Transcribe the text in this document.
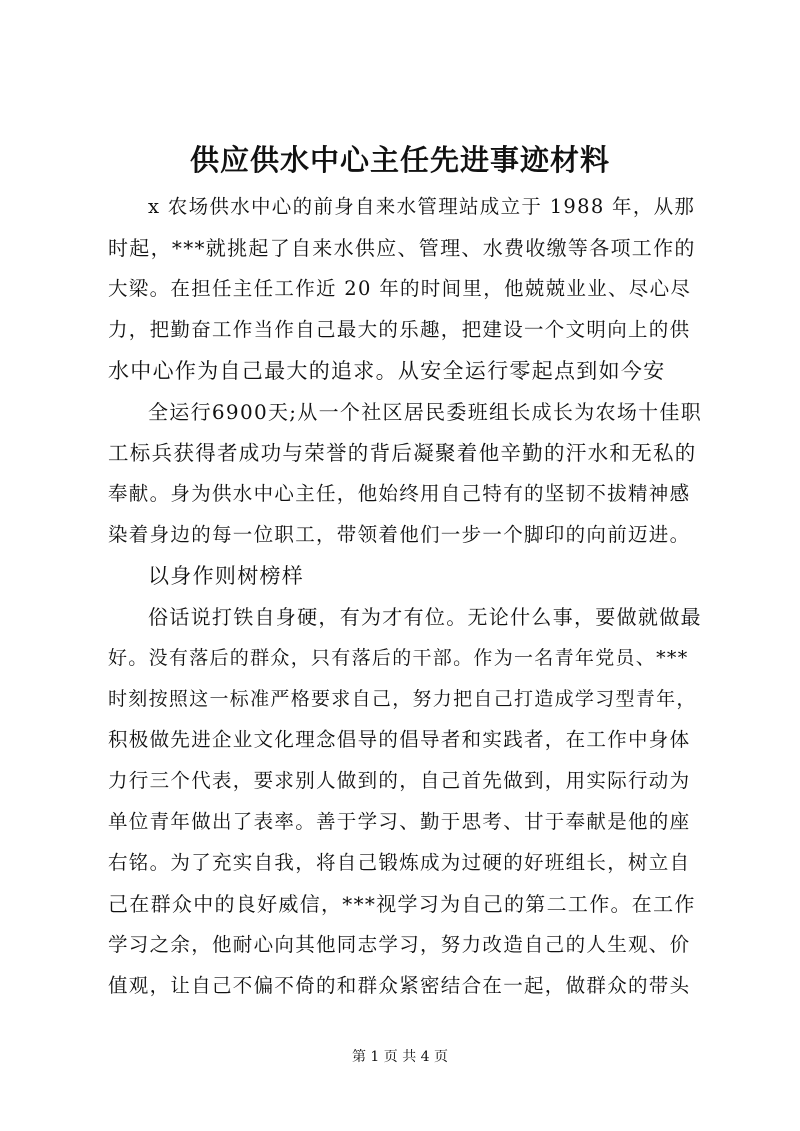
供应供水中心主任先进事迹材料
x 农场供水中心的前身自来水管理站成立于 1988 年，从那
时起，***就挑起了自来水供应、管理、水费收缴等各项工作的
大梁。在担任主任工作近 20 年的时间里，他兢兢业业、尽心尽
力，把勤奋工作当作自己最大的乐趣，把建设一个文明向上的供
水中心作为自己最大的追求。从安全运行零起点到如今安
全运行6900天;从一个社区居民委班组长成长为农场十佳职
工标兵获得者成功与荣誉的背后凝聚着他辛勤的汗水和无私的
奉献。身为供水中心主任，他始终用自己特有的坚韧不拔精神感
染着身边的每一位职工，带领着他们一步一个脚印的向前迈进。
以身作则树榜样
俗话说打铁自身硬，有为才有位。无论什么事，要做就做最
好。没有落后的群众，只有落后的干部。作为一名青年党员、***
时刻按照这一标准严格要求自己，努力把自己打造成学习型青年，
积极做先进企业文化理念倡导的倡导者和实践者，在工作中身体
力行三个代表，要求别人做到的，自己首先做到，用实际行动为
单位青年做出了表率。善于学习、勤于思考、甘于奉献是他的座
右铭。为了充实自我，将自己锻炼成为过硬的好班组长，树立自
己在群众中的良好威信，***视学习为自己的第二工作。在工作
学习之余，他耐心向其他同志学习，努力改造自己的人生观、价
值观，让自己不偏不倚的和群众紧密结合在一起，做群众的带头
第 1 页 共 4 页
